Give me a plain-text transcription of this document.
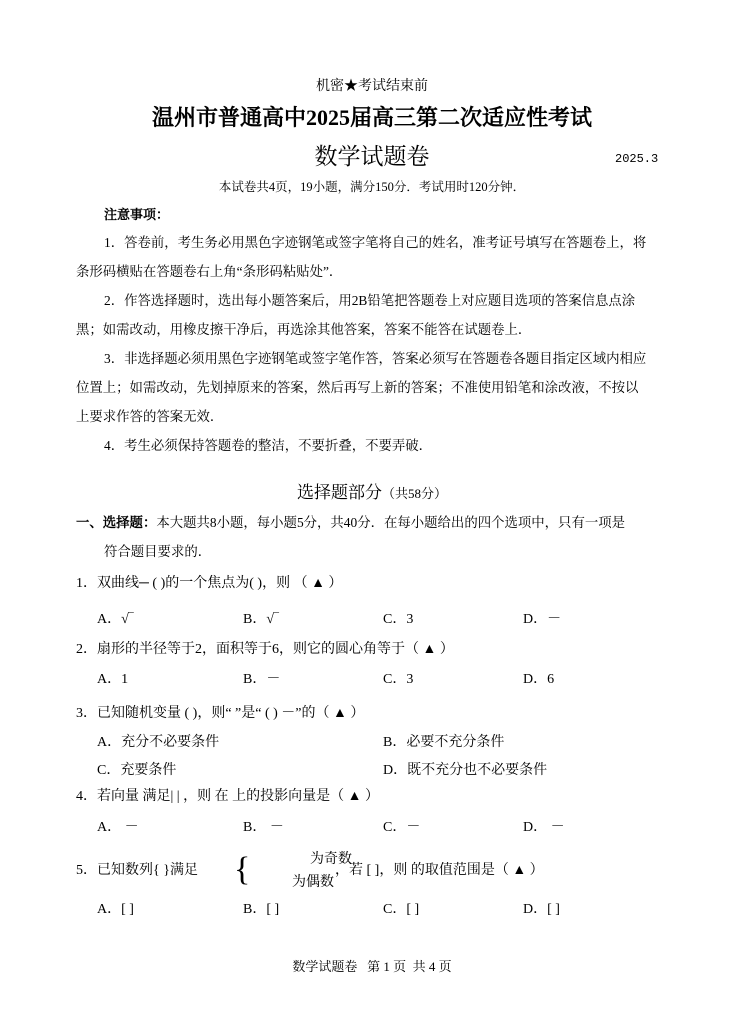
机密★考试结束前
温州市普通高中2025届高三第二次适应性考试
数学试题卷	2025.3
本试卷共4页，19小题，满分150分．考试用时120分钟．
注意事项：
1．答卷前，考生务必用黑色字迹钢笔或签字笔将自己的姓名，准考证号填写在答题卷上，将
条形码横贴在答题卷右上角“条形码粘贴处”．
2．作答选择题时，选出每小题答案后，用2B铅笔把答题卷上对应题目选项的答案信息点涂
黑；如需改动，用橡皮擦干净后，再选涂其他答案，答案不能答在试题卷上．
3．非选择题必须用黑色字迹钢笔或签字笔作答，答案必须写在答题卷各题目指定区域内相应
位置上；如需改动，先划掉原来的答案，然后再写上新的答案；不准使用铅笔和涂改液，不按以
上要求作答的答案无效．
4．考生必须保持答题卷的整洁，不要折叠，不要弄破．
选择题部分（共58分）
一、选择题：本大题共8小题，每小题5分，共40分．在每小题给出的四个选项中，只有一项是
符合题目要求的．
1．双曲线─ ( )的一个焦点为( )，则 （ ▲ ）
A．√‾	B．√‾	C．3	D．－
2．扇形的半径等于2，面积等于6，则它的圆心角等于（ ▲ ）
A．1	B．－	C．3	D．6
3．已知随机变量 ( )，则“ ”是“ ( ) －”的（ ▲ ）
A．充分不必要条件	B．必要不充分条件
C．充要条件	D．既不充分也不必要条件
4．若向量 满足| | ，则 在 上的投影向量是（ ▲ ）
A． －	B． －	C．－	D． －
5．已知数列{ }满足 {	为奇数
为偶数
，若 [ ]，则 的取值范围是（ ▲ ）
A．[ ]	B．[ ]	C．[ ]	D．[ ]
数学试题卷   第 1 页  共 4 页
